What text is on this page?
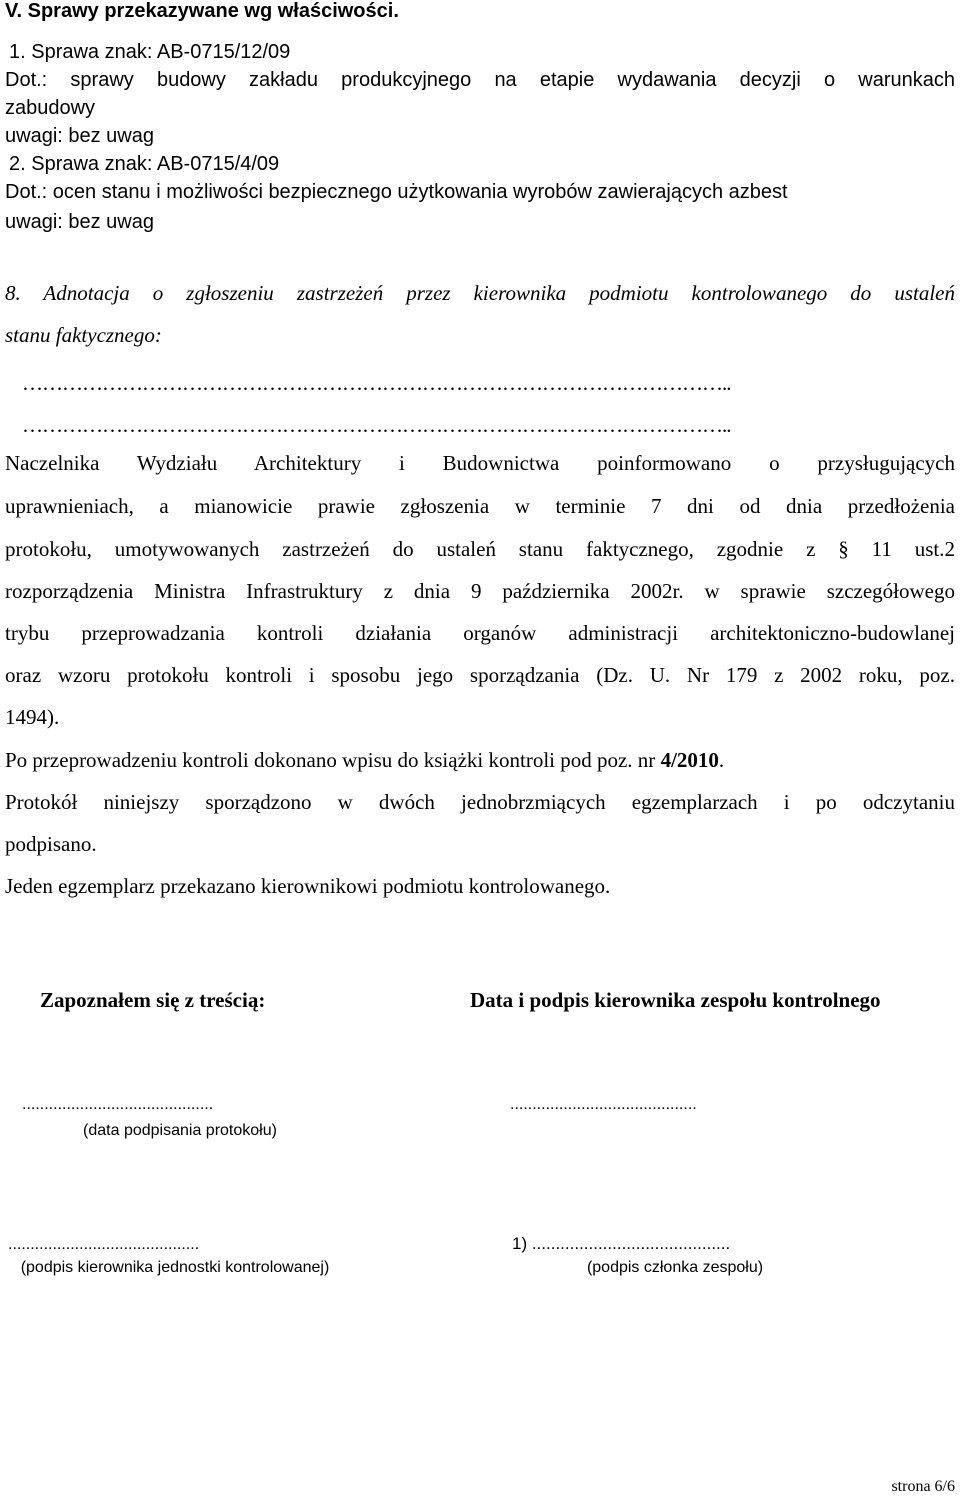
V. Sprawy przekazywane wg właściwości.
1. Sprawa znak: AB-0715/12/09
Dot.: sprawy budowy zakładu produkcyjnego na etapie wydawania decyzji o warunkach
zabudowy
uwagi: bez uwag
2. Sprawa znak: AB-0715/4/09
Dot.: ocen stanu i możliwości bezpiecznego użytkowania wyrobów zawierających azbest
uwagi: bez uwag
8. Adnotacja o zgłoszeniu zastrzeżeń przez kierownika podmiotu kontrolowanego do ustaleń
stanu faktycznego:
……………………………………………………………………………………………..
……………………………………………………………………………………………..
Naczelnika Wydziału Architektury i Budownictwa poinformowano o przysługujących
uprawnieniach, a mianowicie prawie zgłoszenia w terminie 7 dni od dnia przedłożenia
protokołu, umotywowanych zastrzeżeń do ustaleń stanu faktycznego, zgodnie z § 11 ust.2
rozporządzenia Ministra Infrastruktury z dnia 9 października 2002r. w sprawie szczegółowego
trybu przeprowadzania kontroli działania organów administracji architektoniczno-budowlanej
oraz wzoru protokołu kontroli i sposobu jego sporządzania (Dz. U. Nr 179 z 2002 roku, poz.
1494).
Po przeprowadzeniu kontroli dokonano wpisu do książki kontroli pod poz. nr 4/2010.
Protokół niniejszy sporządzono w dwóch jednobrzmiących egzemplarzach i po odczytaniu
podpisano.
Jeden egzemplarz przekazano kierownikowi podmiotu kontrolowanego.
Zapoznałem się z treścią:	Data i podpis kierownika zespołu kontrolnego
...........................................
(data podpisania protokołu)
..........................................
...........................................
(podpis kierownika jednostki kontrolowanej)
1) ..........................................
(podpis członka zespołu)
strona 6/6
